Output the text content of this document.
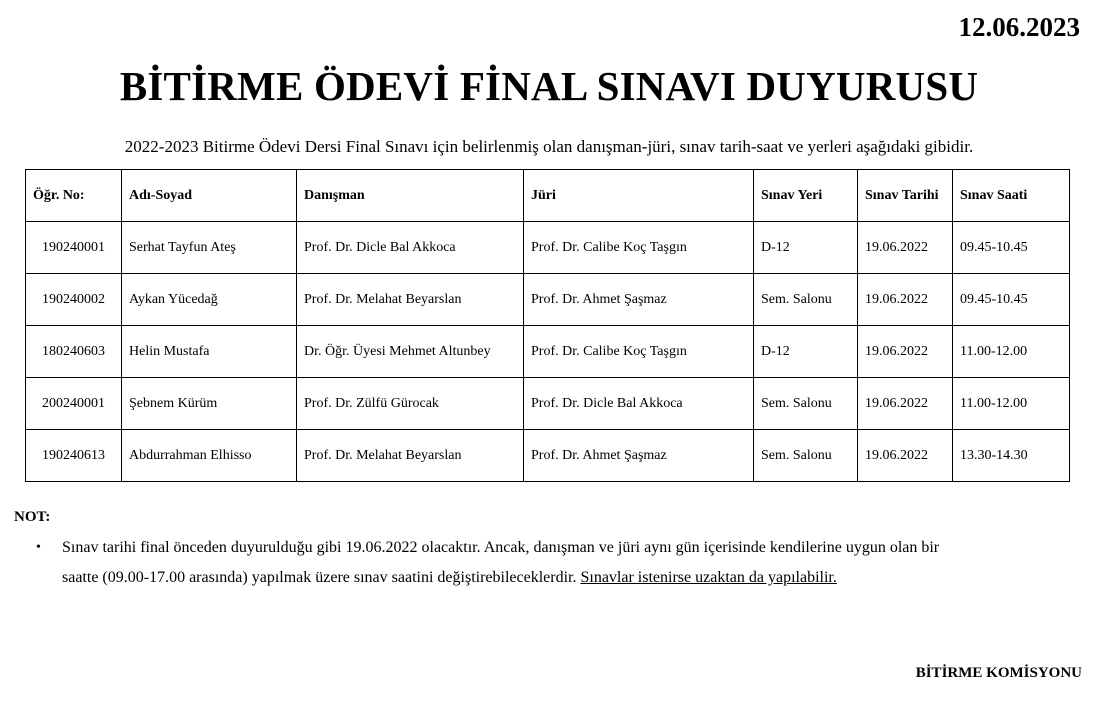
12.06.2023
BİTİRME ÖDEVİ FİNAL SINAVI DUYURUSU
2022-2023 Bitirme Ödevi Dersi Final Sınavı için belirlenmiş olan danışman-jüri, sınav tarih-saat ve yerleri aşağıdaki gibidir.
Öğr. No:	Adı-Soyad	Danışman	Jüri	Sınav Yeri	Sınav Tarihi	Sınav Saati
190240001	Serhat Tayfun Ateş	Prof. Dr. Dicle Bal Akkoca	Prof. Dr. Calibe Koç Taşgın	D-12	19.06.2022	09.45-10.45
190240002	Aykan Yücedağ	Prof. Dr. Melahat Beyarslan	Prof. Dr. Ahmet Şaşmaz	Sem. Salonu	19.06.2022	09.45-10.45
180240603	Helin Mustafa	Dr. Öğr. Üyesi Mehmet Altunbey	Prof. Dr. Calibe Koç Taşgın	D-12	19.06.2022	11.00-12.00
200240001	Şebnem Kürüm	Prof. Dr. Zülfü Gürocak	Prof. Dr. Dicle Bal Akkoca	Sem. Salonu	19.06.2022	11.00-12.00
190240613	Abdurrahman Elhisso	Prof. Dr. Melahat Beyarslan	Prof. Dr. Ahmet Şaşmaz	Sem. Salonu	19.06.2022	13.30-14.30
NOT:
• Sınav tarihi final önceden duyurulduğu gibi 19.06.2022 olacaktır. Ancak, danışman ve jüri aynı gün içerisinde kendilerine uygun olan bir
saatte (09.00-17.00 arasında) yapılmak üzere sınav saatini değiştirebileceklerdir. Sınavlar istenirse uzaktan da yapılabilir.
BİTİRME KOMİSYONU
